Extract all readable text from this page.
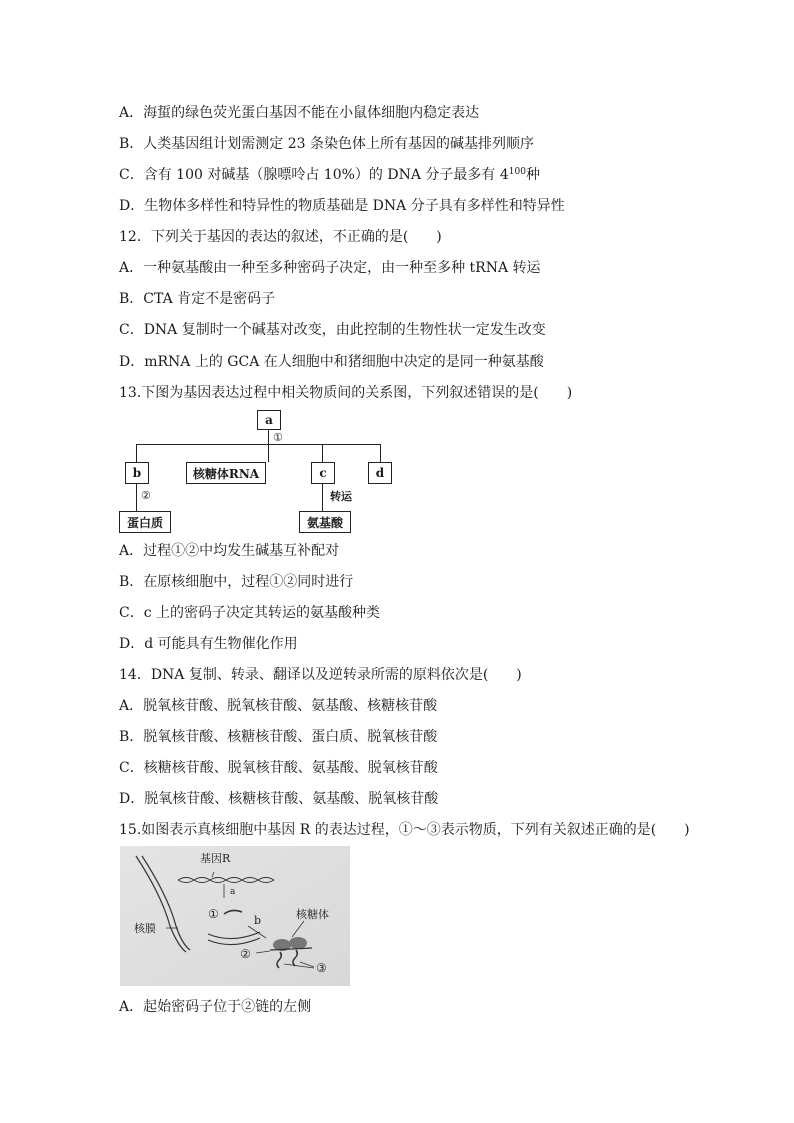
A．海蜇的绿色荧光蛋白基因不能在小鼠体细胞内稳定表达
B．人类基因组计划需测定 23 条染色体上所有基因的碱基排列顺序
C．含有 100 对碱基（腺嘌呤占 10%）的 DNA 分子最多有 $4^{100}$种
D．生物体多样性和特异性的物质基础是 DNA 分子具有多样性和特异性
12．下列关于基因的表达的叙述，不正确的是(　　)
A．一种氨基酸由一种至多种密码子决定，由一种至多种 tRNA 转运
B．CTA 肯定不是密码子
C．DNA 复制时一个碱基对改变，由此控制的生物性状一定发生改变
D．mRNA 上的 GCA 在人细胞中和猪细胞中决定的是同一种氨基酸
13.下图为基因表达过程中相关物质间的关系图，下列叙述错误的是(　　)
a
①
b	核糖体RNA	c	d
②	转运
蛋白质	氨基酸
A．过程①②中均发生碱基互补配对
B．在原核细胞中，过程①②同时进行
C．c 上的密码子决定其转运的氨基酸种类
D．d 可能具有生物催化作用
14．DNA 复制、转录、翻译以及逆转录所需的原料依次是(　　)
A．脱氧核苷酸、脱氧核苷酸、氨基酸、核糖核苷酸
B．脱氧核苷酸、核糖核苷酸、蛋白质、脱氧核苷酸
C．核糖核苷酸、脱氧核苷酸、氨基酸、脱氧核苷酸
D．脱氧核苷酸、核糖核苷酸、氨基酸、脱氧核苷酸
15.如图表示真核细胞中基因 R 的表达过程，①～③表示物质，下列有关叙述正确的是(　　)
基因R
a
b
①
②
③
核膜
核糖体
A．起始密码子位于②链的左侧
